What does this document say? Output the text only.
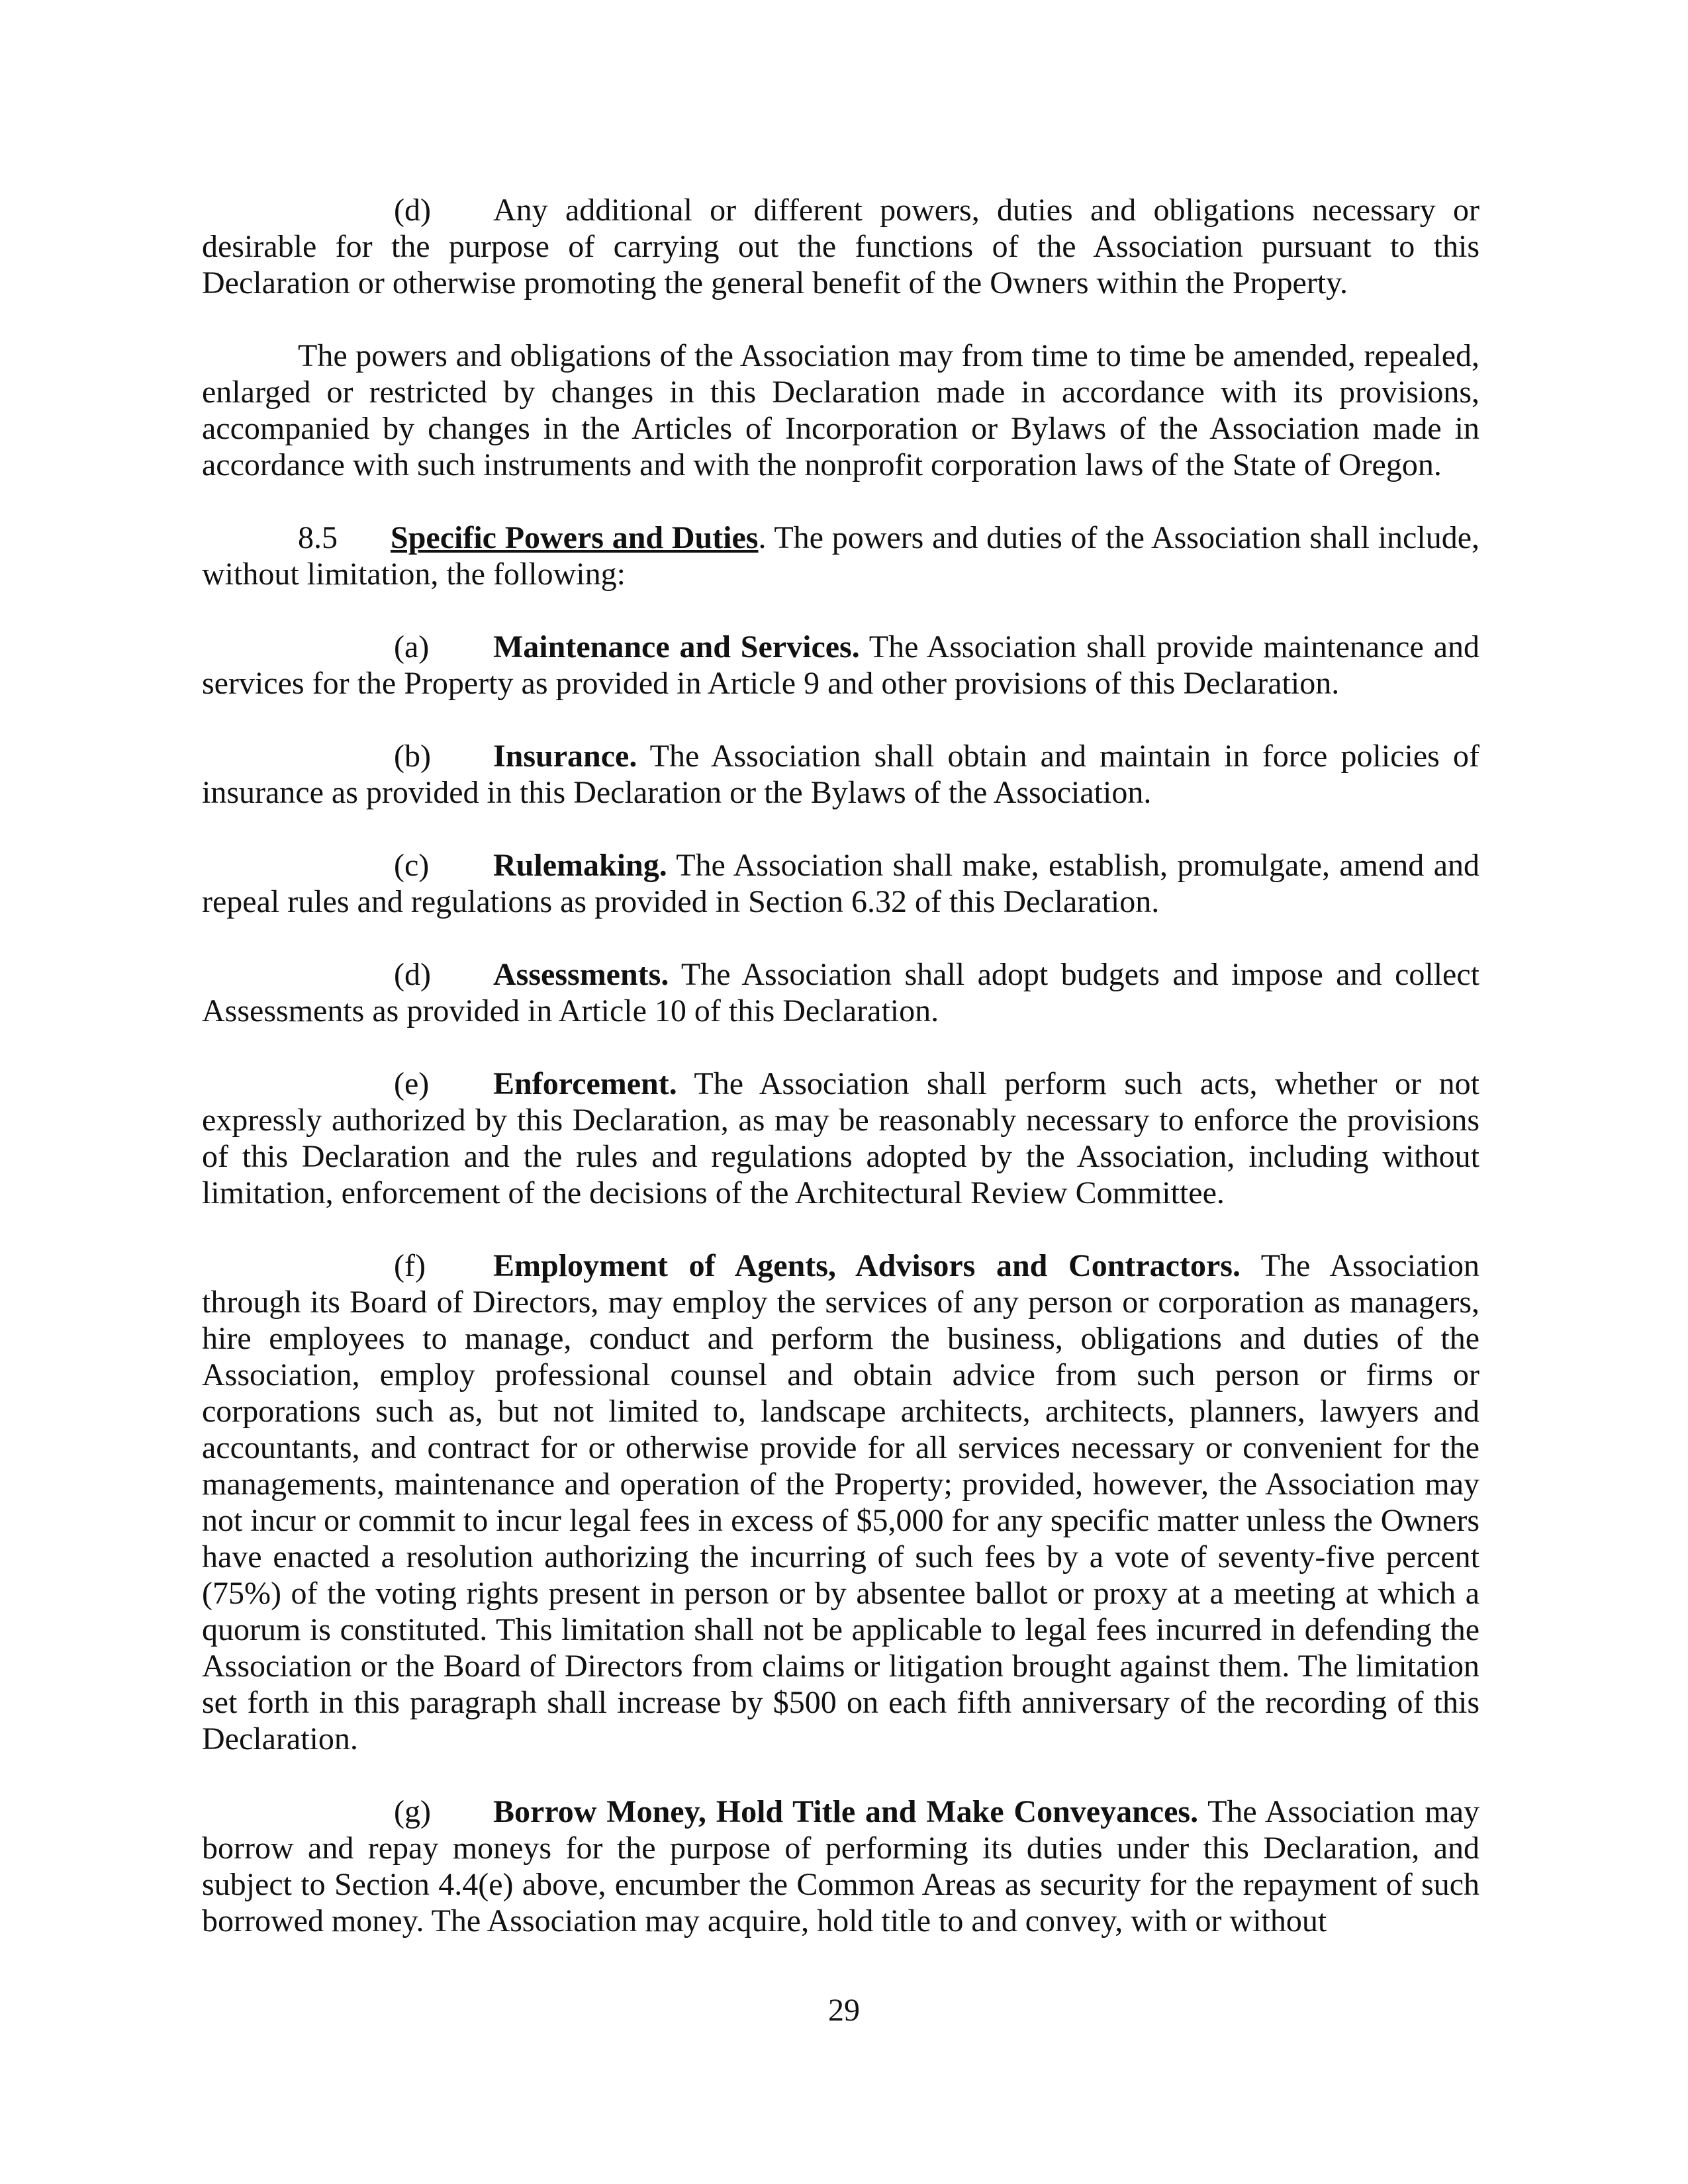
(d) Any additional or different powers, duties and obligations necessary or desirable for the purpose of carrying out the functions of the Association pursuant to this Declaration or otherwise promoting the general benefit of the Owners within the Property.

The powers and obligations of the Association may from time to time be amended, repealed, enlarged or restricted by changes in this Declaration made in accordance with its provisions, accompanied by changes in the Articles of Incorporation or Bylaws of the Association made in accordance with such instruments and with the nonprofit corporation laws of the State of Oregon.

8.5 Specific Powers and Duties. The powers and duties of the Association shall include, without limitation, the following:

(a) Maintenance and Services. The Association shall provide maintenance and services for the Property as provided in Article 9 and other provisions of this Declaration.

(b) Insurance. The Association shall obtain and maintain in force policies of insurance as provided in this Declaration or the Bylaws of the Association.

(c) Rulemaking. The Association shall make, establish, promulgate, amend and repeal rules and regulations as provided in Section 6.32 of this Declaration.

(d) Assessments. The Association shall adopt budgets and impose and collect Assessments as provided in Article 10 of this Declaration.

(e) Enforcement. The Association shall perform such acts, whether or not expressly authorized by this Declaration, as may be reasonably necessary to enforce the provisions of this Declaration and the rules and regulations adopted by the Association, including without limitation, enforcement of the decisions of the Architectural Review Committee.

(f) Employment of Agents, Advisors and Contractors. The Association through its Board of Directors, may employ the services of any person or corporation as managers, hire employees to manage, conduct and perform the business, obligations and duties of the Association, employ professional counsel and obtain advice from such person or firms or corporations such as, but not limited to, landscape architects, architects, planners, lawyers and accountants, and contract for or otherwise provide for all services necessary or convenient for the managements, maintenance and operation of the Property; provided, however, the Association may not incur or commit to incur legal fees in excess of $5,000 for any specific matter unless the Owners have enacted a resolution authorizing the incurring of such fees by a vote of seventy-five percent (75%) of the voting rights present in person or by absentee ballot or proxy at a meeting at which a quorum is constituted. This limitation shall not be applicable to legal fees incurred in defending the Association or the Board of Directors from claims or litigation brought against them. The limitation set forth in this paragraph shall increase by $500 on each fifth anniversary of the recording of this Declaration.

(g) Borrow Money, Hold Title and Make Conveyances. The Association may borrow and repay moneys for the purpose of performing its duties under this Declaration, and subject to Section 4.4(e) above, encumber the Common Areas as security for the repayment of such borrowed money. The Association may acquire, hold title to and convey, with or without

29
